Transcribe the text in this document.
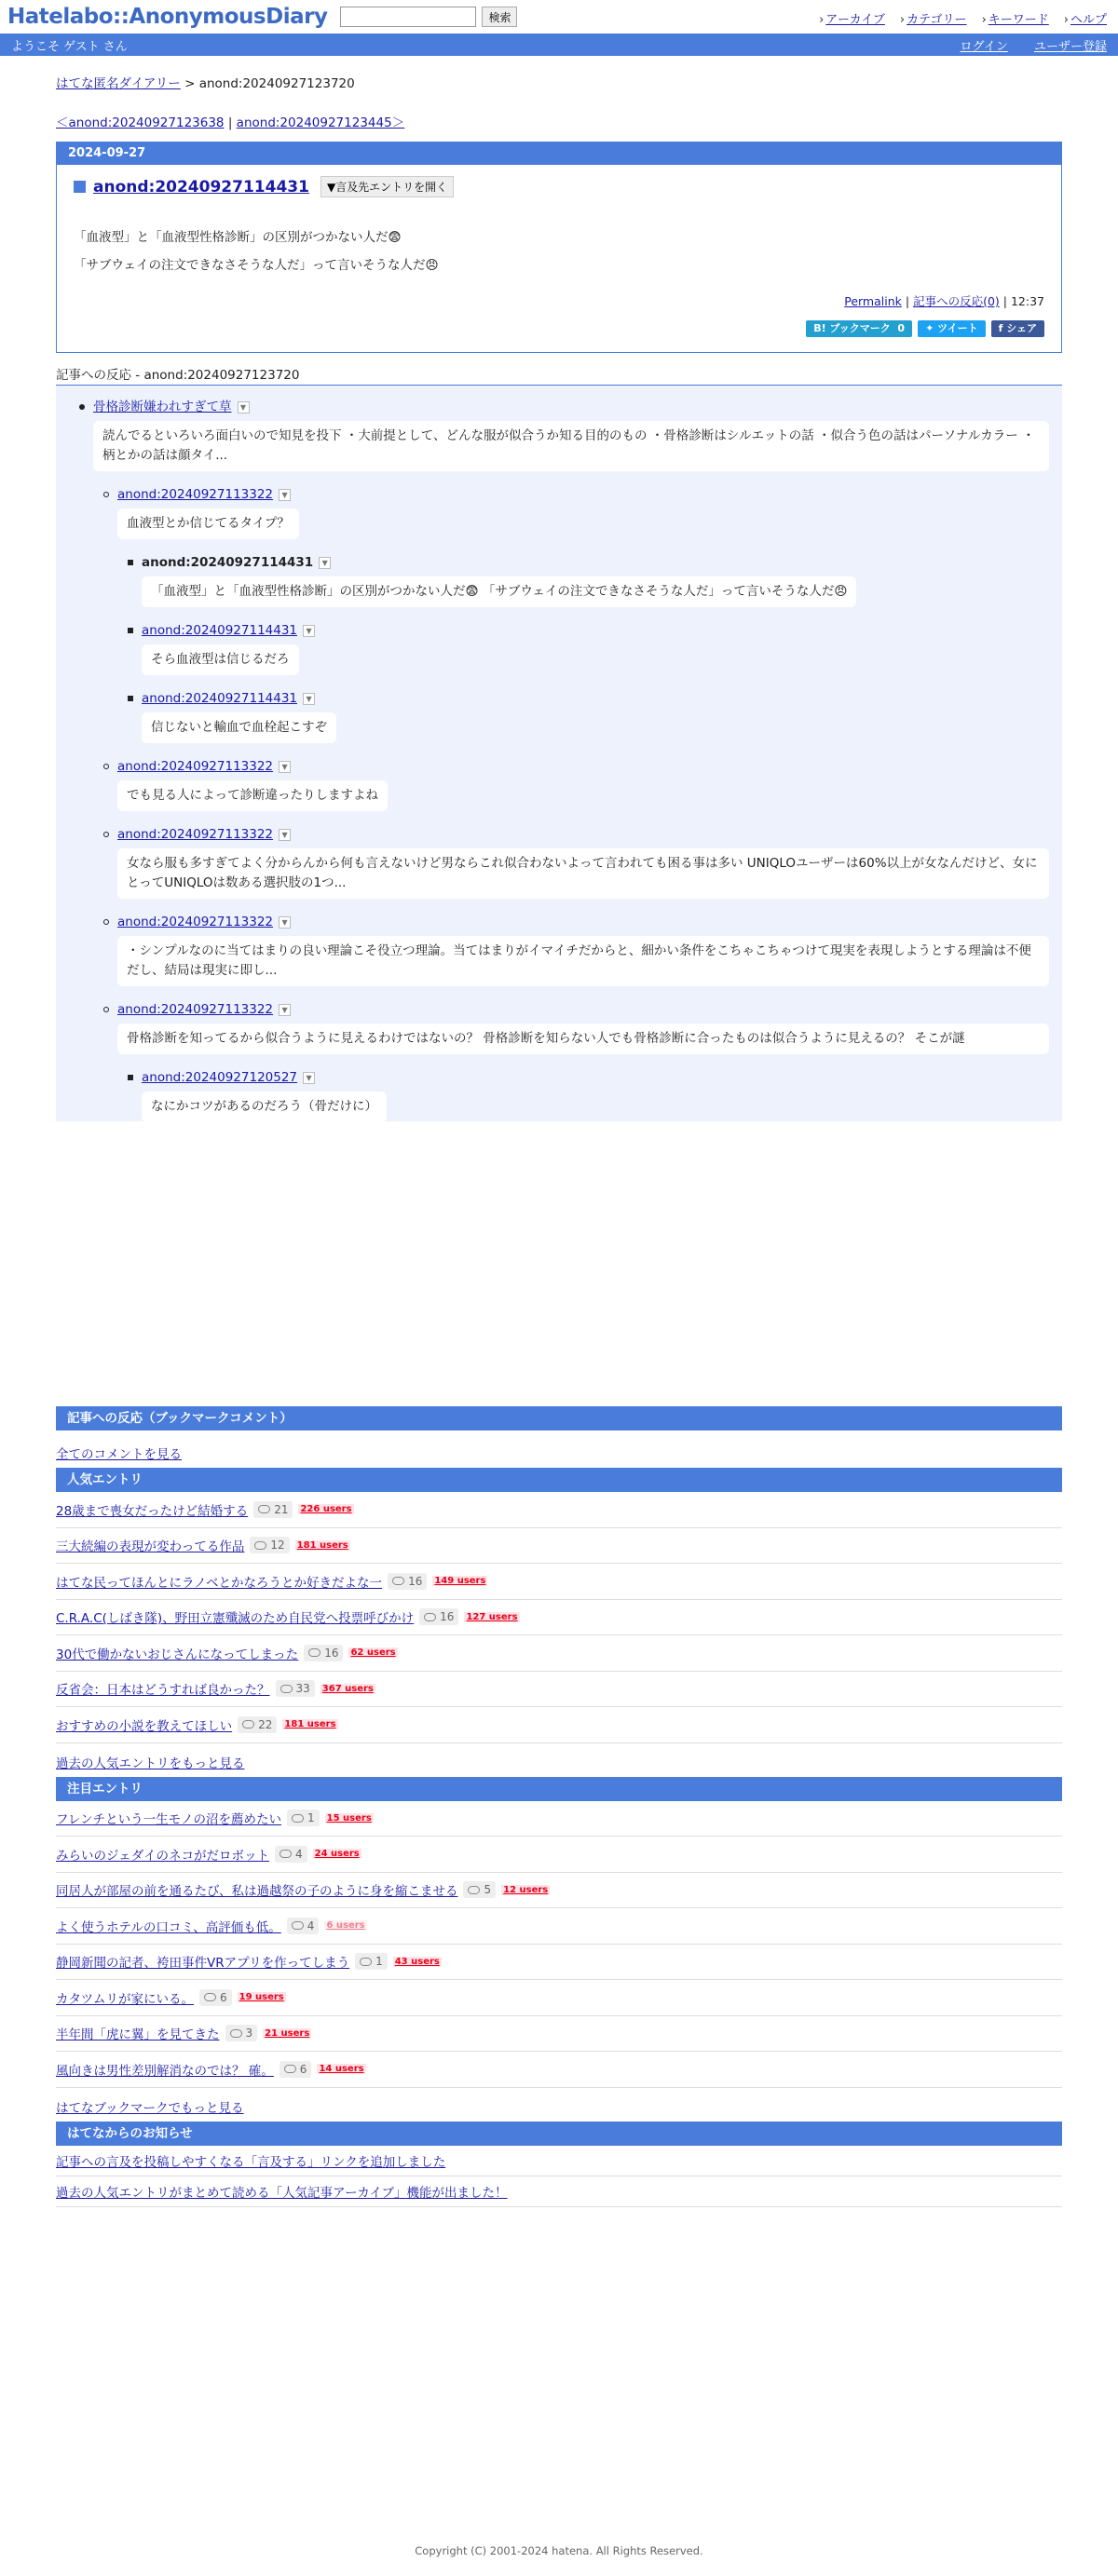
Hatelabo::AnonymousDiary	検索	› アーカイブ	› カテゴリー	› キーワード	› ヘルプ
ようこそ ゲスト さん	ログイン ユーザー登録
はてな匿名ダイアリー > anond:20240927123720
＜anond:20240927123638 | anond:20240927123445＞
2024-09-27
anond:20240927114431	▼言及先エントリを開く
「血液型」と「血液型性格診断」の区別がつかない人だ😨
「サブウェイの注文できなさそうな人だ」って言いそうな人だ😠
Permalink | 記事への反応(0) | 12:37
B! ブックマーク 0	✦ ツイート	f シェア
記事への反応 - anond:20240927123720
骨格診断嫌われすぎて草	▼
読んでるといろいろ面白いので知見を投下 ・大前提として、どんな服が似合うか知る目的のもの ・骨格診断はシルエットの話 ・似合う色の話はパーソナルカラー ・柄とかの話は顔タイ...
anond:20240927113322	▼
血液型とか信じてるタイプ？
anond:20240927114431	▼
「血液型」と「血液型性格診断」の区別がつかない人だ😨 「サブウェイの注文できなさそうな人だ」って言いそうな人だ😠
anond:20240927114431	▼
そら血液型は信じるだろ
anond:20240927114431	▼
信じないと輸血で血栓起こすぞ
anond:20240927113322	▼
でも見る人によって診断違ったりしますよね
anond:20240927113322	▼
女なら服も多すぎてよく分からんから何も言えないけど男ならこれ似合わないよって言われても困る事は多い UNIQLOユーザーは60%以上が女なんだけど、女にとってUNIQLOは数ある選択肢の1つ...
anond:20240927113322	▼
・シンプルなのに当てはまりの良い理論こそ役立つ理論。当てはまりがイマイチだからと、細かい条件をこちゃこちゃつけて現実を表現しようとする理論は不便だし、結局は現実に即し...
anond:20240927113322	▼
骨格診断を知ってるから似合うように見えるわけではないの？ 骨格診断を知らない人でも骨格診断に合ったものは似合うように見えるの？ そこが謎
anond:20240927120527	▼
なにかコツがあるのだろう（骨だけに）
記事への反応（ブックマークコメント）
全てのコメントを見る
人気エントリ
28歳まで喪女だったけど結婚する 21 226 users
三大続編の表現が変わってる作品 12 181 users
はてな民ってほんとにラノベとかなろうとか好きだよな一 16 149 users
C.R.A.C(しばき隊)、野田立憲殲滅のため自民党へ投票呼びかけ 16 127 users
30代で働かないおじさんになってしまった 16 62 users
反省会：日本はどうすれば良かった？ 33 367 users
おすすめの小説を教えてほしい 22 181 users
過去の人気エントリをもっと見る
注目エントリ
フレンチという一生モノの沼を薦めたい 1 15 users
みらいのジェダイのネコがだロボット 4 24 users
同居人が部屋の前を通るたび、私は過越祭の子のように身を縮こませる 5 12 users
よく使うホテルの口コミ、高評価も低。 4 6 users
静岡新聞の記者、袴田事件VRアプリを作ってしまう 1 43 users
カタツムリが家にいる。 6 19 users
半年間「虎に翼」を見てきた 3 21 users
風向きは男性差別解消なのでは？ 確。 6 14 users
はてなブックマークでもっと見る
はてなからのお知らせ
記事への言及を投稿しやすくなる「言及する」リンクを追加しました
過去の人気エントリがまとめて読める「人気記事アーカイブ」機能が出ました！
Copyright (C) 2001-2024 hatena. All Rights Reserved.
